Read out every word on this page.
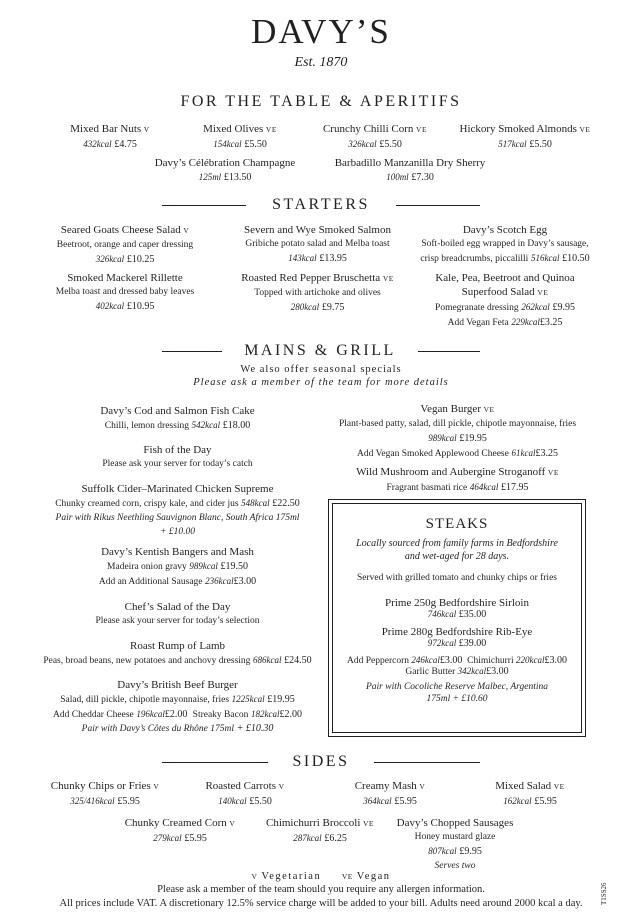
DAVY’S
Est. 1870
FOR THE TABLE & APERITIFS
Mixed Bar Nuts V
432kcal £4.75
Mixed Olives VE
154kcal £5.50
Crunchy Chilli Corn VE
326kcal £5.50
Hickory Smoked Almonds VE
517kcal £5.50
Davy’s Célébration Champagne
125ml £13.50
Barbadillo Manzanilla Dry Sherry
100ml £7.30
STARTERS
Seared Goats Cheese Salad V
Beetroot, orange and caper dressing
326kcal £10.25
Severn and Wye Smoked Salmon
Gribiche potato salad and Melba toast
143kcal £13.95
Davy’s Scotch Egg
Soft-boiled egg wrapped in Davy’s sausage,
crisp breadcrumbs, piccalilli 516kcal £10.50
Smoked Mackerel Rillette
Melba toast and dressed baby leaves
402kcal £10.95
Roasted Red Pepper Bruschetta VE
Topped with artichoke and olives
280kcal £9.75
Kale, Pea, Beetroot and Quinoa
Superfood Salad VE
Pomegranate dressing 262kcal £9.95
Add Vegan Feta 229kcal£3.25
MAINS & GRILL
We also offer seasonal specials
Please ask a member of the team for more details
Davy’s Cod and Salmon Fish Cake
Chilli, lemon dressing 542kcal £18.00
Fish of the Day
Please ask your server for today’s catch
Suffolk Cider–Marinated Chicken Supreme
Chunky creamed corn, crispy kale, and cider jus 548kcal £22.50
Pair with Rikus Neethling Sauvignon Blanc, South Africa 175ml
+ £10.00
Davy’s Kentish Bangers and Mash
Madeira onion gravy 989kcal £19.50
Add an Additional Sausage 236kcal£3.00
Chef’s Salad of the Day
Please ask your server for today’s selection
Roast Rump of Lamb
Peas, broad beans, new potatoes and anchovy dressing 686kcal £24.50
Davy’s British Beef Burger
Salad, dill pickle, chipotle mayonnaise, fries 1225kcal £19.95
Add Cheddar Cheese 196kcal£2.00 Streaky Bacon 182kcal£2.00
Pair with Davy’s Côtes du Rhône 175ml + £10.30
Vegan Burger VE
Plant-based patty, salad, dill pickle, chipotle mayonnaise, fries
989kcal £19.95
Add Vegan Smoked Applewood Cheese 61kcal£3.25
Wild Mushroom and Aubergine Stroganoff VE
Fragrant basmati rice 464kcal £17.95
STEAKS
Locally sourced from family farms in Bedfordshire
and wet-aged for 28 days.
Served with grilled tomato and chunky chips or fries
Prime 250g Bedfordshire Sirloin
746kcal £35.00
Prime 280g Bedfordshire Rib-Eye
972kcal £39.00
Add Peppercorn 246kcal£3.00 Chimichurri 220kcal£3.00
Garlic Butter 342kcal£3.00
Pair with Cocoliche Reserve Malbec, Argentina
175ml + £10.60
SIDES
Chunky Chips or Fries V
325/416kcal £5.95
Roasted Carrots V
140kcal £5.50
Creamy Mash V
364kcal £5.95
Mixed Salad VE
162kcal £5.95
Chunky Creamed Corn V
279kcal £5.95
Chimichurri Broccoli VE
287kcal £6.25
Davy’s Chopped Sausages
Honey mustard glaze
807kcal £9.95
Serves two
V Vegetarian	VE Vegan
Please ask a member of the team should you require any allergen information.
All prices include VAT. A discretionary 12.5% service charge will be added to your bill. Adults need around 2000 kcal a day.	T1SS26
